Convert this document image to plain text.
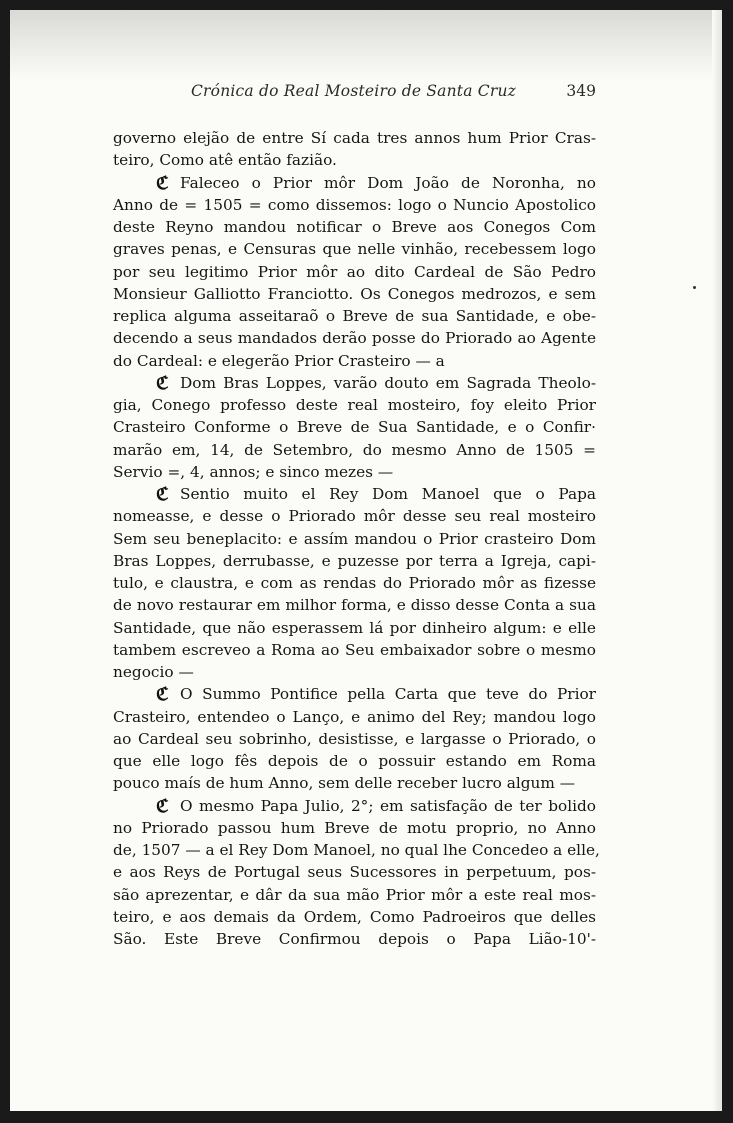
Crónica do Real Mosteiro de Santa Cruz	349
governo elejão de entre Sí cada tres annos hum Prior Cras-
teiro, Como atê então fazião.
ℭ Faleceo o Prior môr Dom João de Noronha, no
Anno de = 1505 = como dissemos: logo o Nuncio Apostolico
deste Reyno mandou notificar o Breve aos Conegos Com
graves penas, e Censuras que nelle vinhão, recebessem logo
por seu legitimo Prior môr ao dito Cardeal de São Pedro
Monsieur Galliotto Franciotto. Os Conegos medrozos, e sem
replica alguma asseitaraõ o Breve de sua Santidade, e obe-
decendo a seus mandados derão posse do Priorado ao Agente
do Cardeal: e elegerão Prior Crasteiro — a
ℭ Dom Bras Loppes, varão douto em Sagrada Theolo-
gia, Conego professo deste real mosteiro, foy eleito Prior
Crasteiro Conforme o Breve de Sua Santidade, e o Confir·
marão em, 14, de Setembro, do mesmo Anno de 1505 =
Servio =, 4, annos; e sinco mezes —
ℭ Sentio muito el Rey Dom Manoel que o Papa
nomeasse, e desse o Priorado môr desse seu real mosteiro
Sem seu beneplacito: e assím mandou o Prior crasteiro Dom
Bras Loppes, derrubasse, e puzesse por terra a Igreja, capi-
tulo, e claustra, e com as rendas do Priorado môr as fizesse
de novo restaurar em milhor forma, e disso desse Conta a sua
Santidade, que não esperassem lá por dinheiro algum: e elle
tambem escreveo a Roma ao Seu embaixador sobre o mesmo
negocio —
ℭ O Summo Pontifice pella Carta que teve do Prior
Crasteiro, entendeo o Lanço, e animo del Rey; mandou logo
ao Cardeal seu sobrinho, desistisse, e largasse o Priorado, o
que elle logo fês depois de o possuir estando em Roma
pouco maís de hum Anno, sem delle receber lucro algum —
ℭ O mesmo Papa Julio, 2°; em satisfação de ter bolido
no Priorado passou hum Breve de motu proprio, no Anno
de, 1507 — a el Rey Dom Manoel, no qual lhe Concedeo a elle,
e aos Reys de Portugal seus Sucessores in perpetuum, pos-
são aprezentar, e dâr da sua mão Prior môr a este real mos-
teiro, e aos demais da Ordem, Como Padroeiros que delles
São. Este Breve Confirmou depois o Papa Lião-10'-
